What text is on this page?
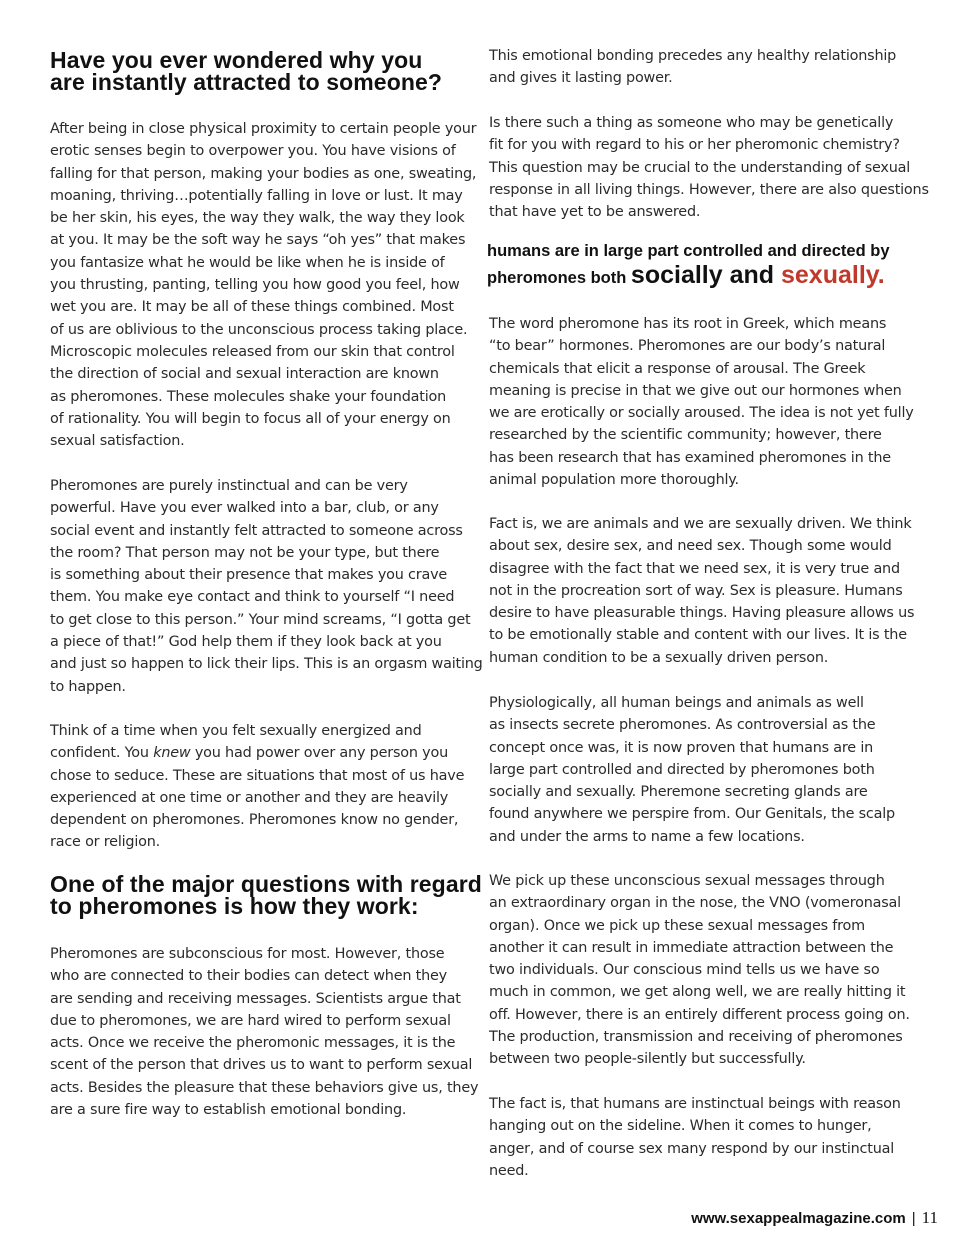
Have you ever wondered why you
are instantly attracted to someone?

After being in close physical proximity to certain people your
erotic senses begin to overpower you. You have visions of
falling for that person, making your bodies as one, sweating,
moaning, thriving…potentially falling in love or lust. It may
be her skin, his eyes, the way they walk, the way they look
at you. It may be the soft way he says “oh yes” that makes
you fantasize what he would be like when he is inside of
you thrusting, panting, telling you how good you feel, how
wet you are. It may be all of these things combined. Most
of us are oblivious to the unconscious process taking place.
Microscopic molecules released from our skin that control
the direction of social and sexual interaction are known
as pheromones. These molecules shake your foundation
of rationality. You will begin to focus all of your energy on
sexual satisfaction.

Pheromones are purely instinctual and can be very
powerful. Have you ever walked into a bar, club, or any
social event and instantly felt attracted to someone across
the room? That person may not be your type, but there
is something about their presence that makes you crave
them. You make eye contact and think to yourself “I need
to get close to this person.” Your mind screams, “I gotta get
a piece of that!” God help them if they look back at you
and just so happen to lick their lips. This is an orgasm waiting
to happen.

Think of a time when you felt sexually energized and
confident. You knew you had power over any person you
chose to seduce. These are situations that most of us have
experienced at one time or another and they are heavily
dependent on pheromones. Pheromones know no gender,
race or religion.

One of the major questions with regard
to pheromones is how they work:

Pheromones are subconscious for most. However, those
who are connected to their bodies can detect when they
are sending and receiving messages. Scientists argue that
due to pheromones, we are hard wired to perform sexual
acts. Once we receive the pheromonic messages, it is the
scent of the person that drives us to want to perform sexual
acts. Besides the pleasure that these behaviors give us, they
are a sure fire way to establish emotional bonding.

This emotional bonding precedes any healthy relationship
and gives it lasting power.

Is there such a thing as someone who may be genetically
fit for you with regard to his or her pheromonic chemistry?
This question may be crucial to the understanding of sexual
response in all living things. However, there are also questions
that have yet to be answered.

humans are in large part controlled and directed by
pheromones both socially and sexually.

The word pheromone has its root in Greek, which means
“to bear” hormones. Pheromones are our body’s natural
chemicals that elicit a response of arousal. The Greek
meaning is precise in that we give out our hormones when
we are erotically or socially aroused. The idea is not yet fully
researched by the scientific community; however, there
has been research that has examined pheromones in the
animal population more thoroughly.

Fact is, we are animals and we are sexually driven. We think
about sex, desire sex, and need sex. Though some would
disagree with the fact that we need sex, it is very true and
not in the procreation sort of way. Sex is pleasure. Humans
desire to have pleasurable things. Having pleasure allows us
to be emotionally stable and content with our lives. It is the
human condition to be a sexually driven person.

Physiologically, all human beings and animals as well
as insects secrete pheromones. As controversial as the
concept once was, it is now proven that humans are in
large part controlled and directed by pheromones both
socially and sexually. Pheremone secreting glands are
found anywhere we perspire from. Our Genitals, the scalp
and under the arms to name a few locations.

We pick up these unconscious sexual messages through
an extraordinary organ in the nose, the VNO (vomeronasal
organ). Once we pick up these sexual messages from
another it can result in immediate attraction between the
two individuals. Our conscious mind tells us we have so
much in common, we get along well, we are really hitting it
off. However, there is an entirely different process going on.
The production, transmission and receiving of pheromones
between two people-silently but successfully.

The fact is, that humans are instinctual beings with reason
hanging out on the sideline. When it comes to hunger,
anger, and of course sex many respond by our instinctual
need.

www.sexappealmagazine.com | 11
